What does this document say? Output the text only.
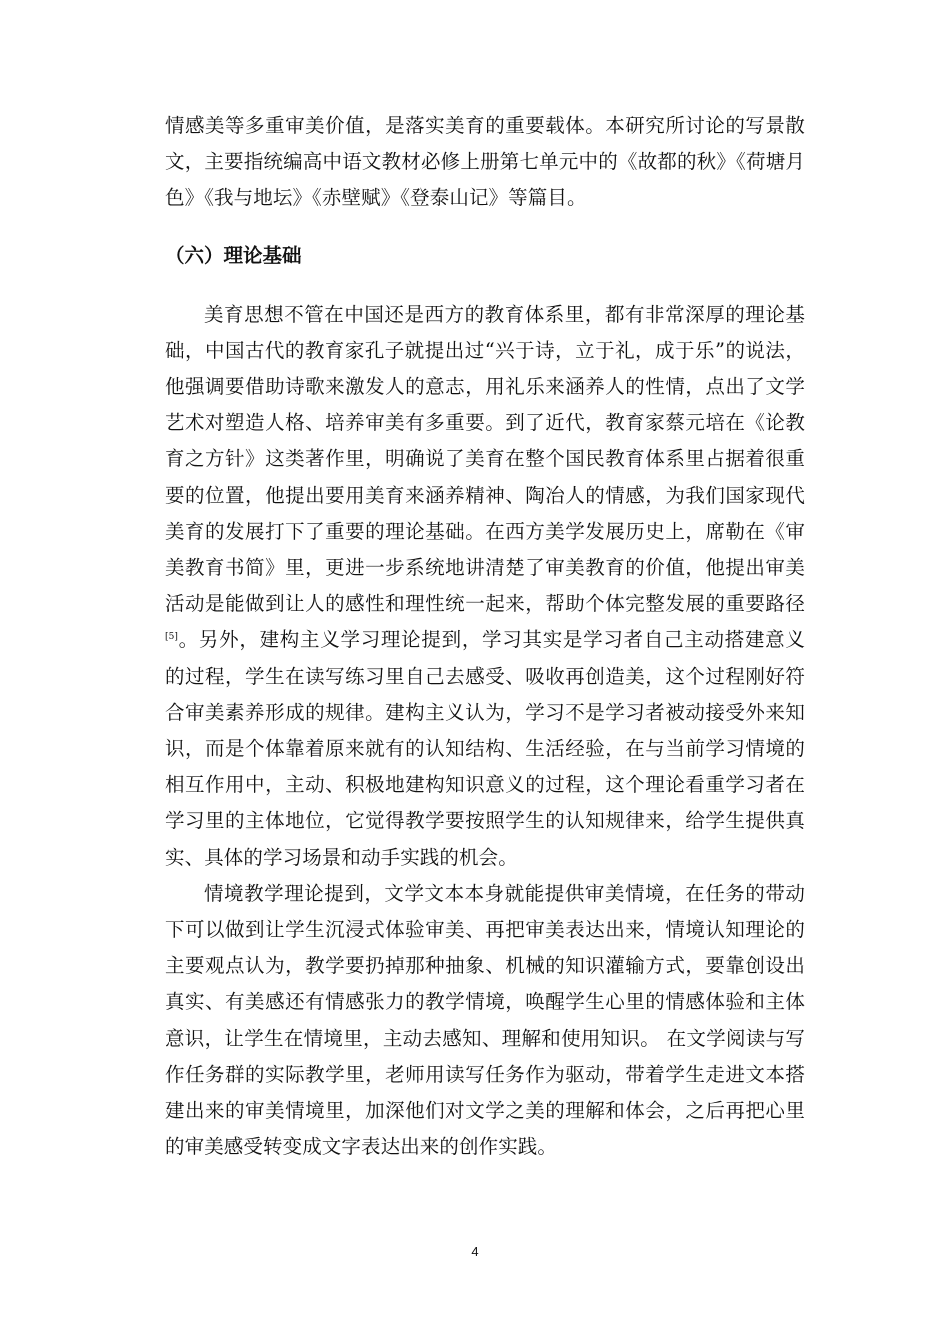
情感美等多重审美价值，是落实美育的重要载体。本研究所讨论的写景散文，主要指统编高中语文教材必修上册第七单元中的《故都的秋》《荷塘月色》《我与地坛》《赤壁赋》《登泰山记》等篇目。

（六）理论基础

美育思想不管在中国还是西方的教育体系里，都有非常深厚的理论基础，中国古代的教育家孔子就提出过“兴于诗，立于礼，成于乐”的说法，他强调要借助诗歌来激发人的意志，用礼乐来涵养人的性情，点出了文学艺术对塑造人格、培养审美有多重要。到了近代，教育家蔡元培在《论教育之方针》这类著作里，明确说了美育在整个国民教育体系里占据着很重要的位置，他提出要用美育来涵养精神、陶冶人的情感，为我们国家现代美育的发展打下了重要的理论基础。在西方美学发展历史上，席勒在《审美教育书简》里，更进一步系统地讲清楚了审美教育的价值，他提出审美活动是能做到让人的感性和理性统一起来，帮助个体完整发展的重要路径[5]。另外，建构主义学习理论提到，学习其实是学习者自己主动搭建意义的过程，学生在读写练习里自己去感受、吸收再创造美，这个过程刚好符合审美素养形成的规律。建构主义认为，学习不是学习者被动接受外来知识，而是个体靠着原来就有的认知结构、生活经验，在与当前学习情境的相互作用中，主动、积极地建构知识意义的过程，这个理论看重学习者在学习里的主体地位，它觉得教学要按照学生的认知规律来，给学生提供真实、具体的学习场景和动手实践的机会。

情境教学理论提到，文学文本本身就能提供审美情境，在任务的带动下可以做到让学生沉浸式体验审美、再把审美表达出来，情境认知理论的主要观点认为，教学要扔掉那种抽象、机械的知识灌输方式，要靠创设出真实、有美感还有情感张力的教学情境，唤醒学生心里的情感体验和主体意识，让学生在情境里，主动去感知、理解和使用知识。 在文学阅读与写作任务群的实际教学里，老师用读写任务作为驱动，带着学生走进文本搭建出来的审美情境里，加深他们对文学之美的理解和体会，之后再把心里的审美感受转变成文字表达出来的创作实践。

4
